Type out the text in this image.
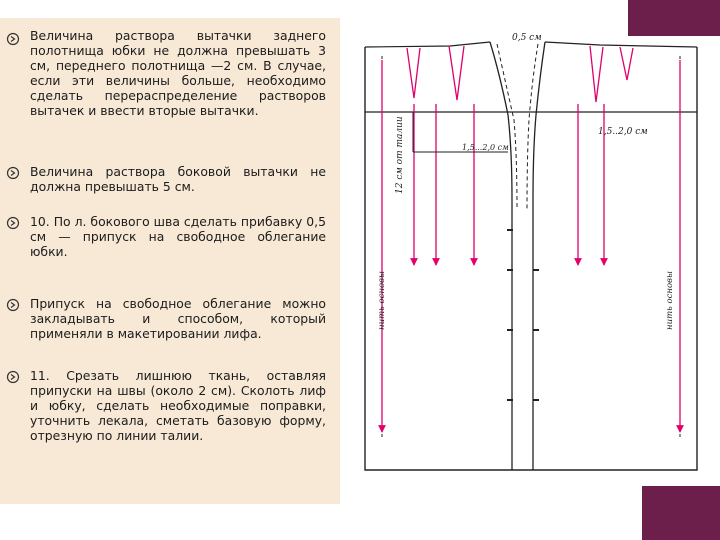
Величина раствора вытачки заднего полотнища юбки не должна превышать 3 см, переднего полотнища —2 см. В случае, если эти величины больше, необходимо сделать перераспределение растворов вытачек и ввести вторые вытачки.

Величина раствора боковой вытачки не должна превышать 5 см.

10. По л. бокового шва сделать прибавку 0,5 см — припуск на свободное облегание юбки.

Припуск на свободное облегание можно закладывать и способом, который применяли в макетировании лифа.

11. Срезать лишнюю ткань, оставляя припуски на швы (около 2 см). Сколоть лиф и юбку, сделать необходимые поправки, уточнить лекала, сметать базовую форму, отрезную по линии талии.

0,5 см
1,5..2,0 см
1,5...2,0 см
12 см от талии
нить основы	нить основы
